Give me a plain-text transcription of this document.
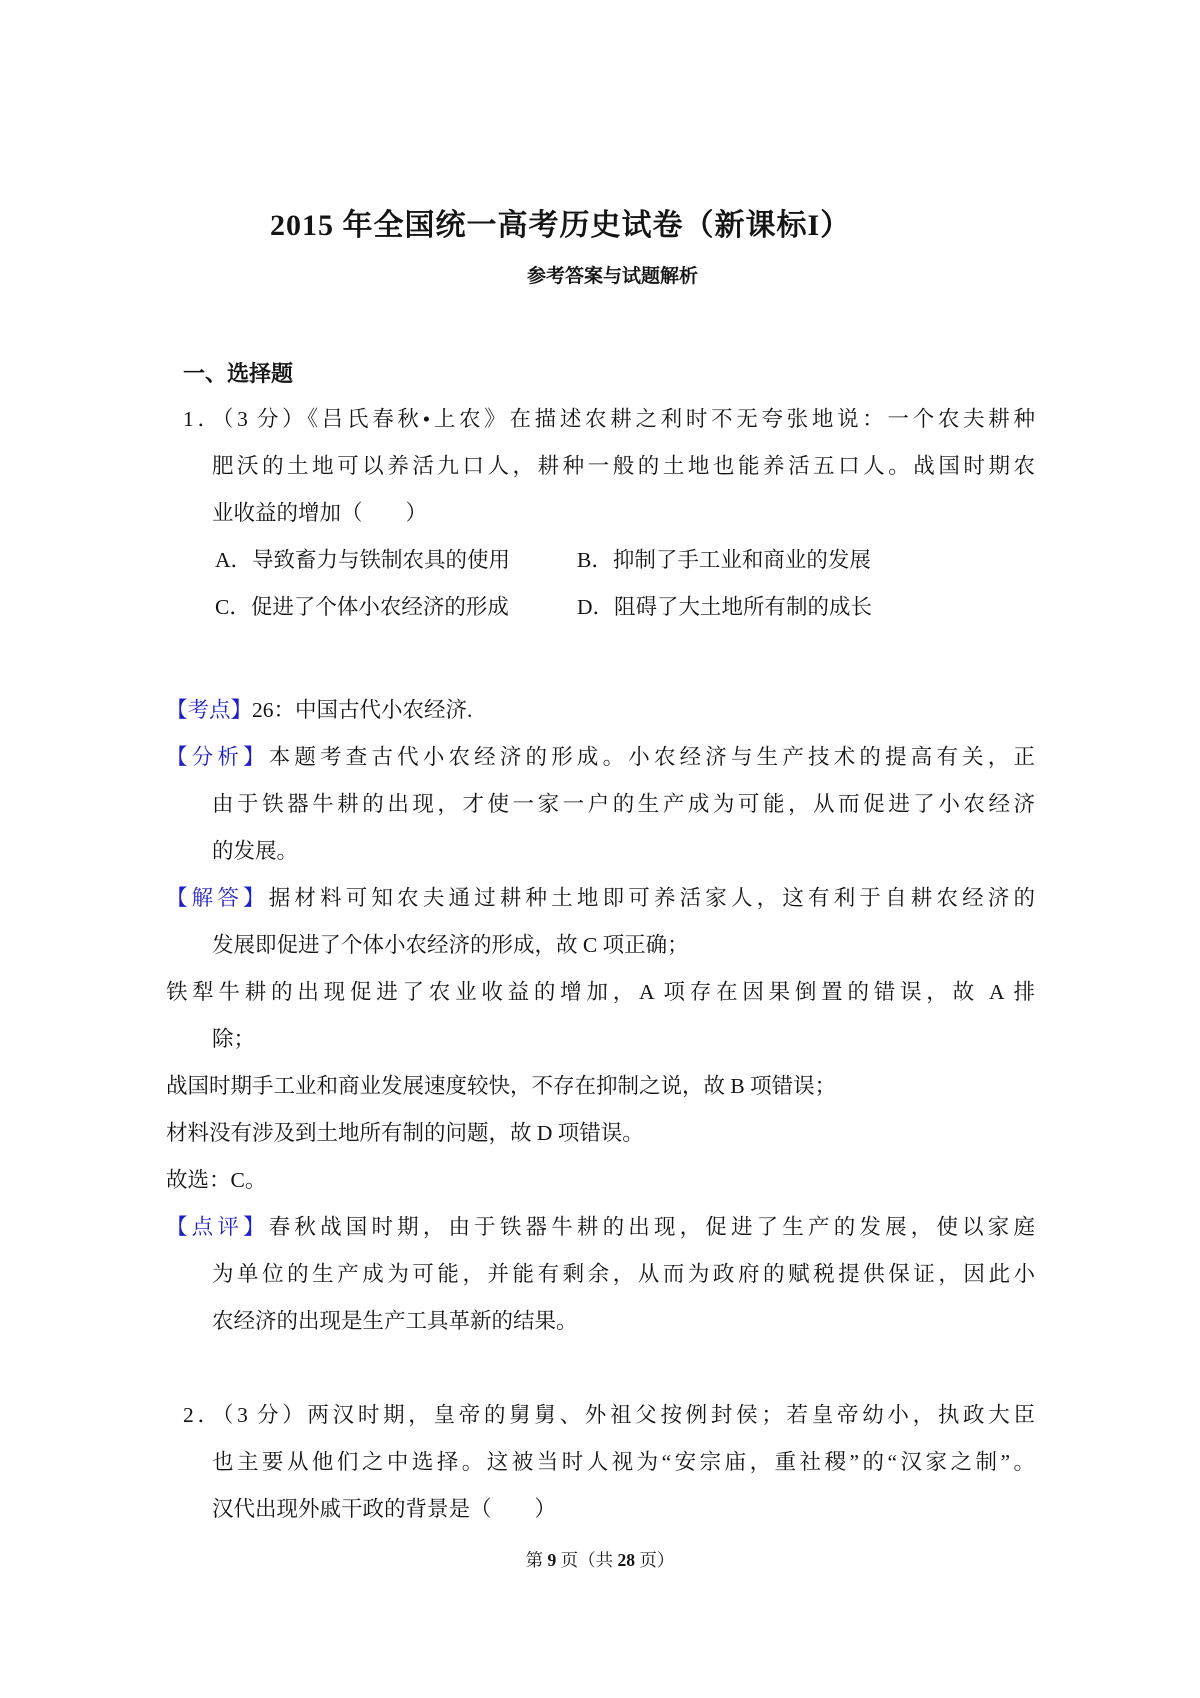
2015 年全国统一高考历史试卷（新课标I）
参考答案与试题解析
一、选择题
1．（3 分）《吕氏春秋•上农》在描述农耕之利时不无夸张地说：一个农夫耕种
肥沃的土地可以养活九口人，耕种一般的土地也能养活五口人。战国时期农
业收益的增加（　　）
A．导致畜力与铁制农具的使用	B．抑制了手工业和商业的发展
C．促进了个体小农经济的形成	D．阻碍了大土地所有制的成长
【考点】26：中国古代小农经济.
【分析】本题考查古代小农经济的形成。小农经济与生产技术的提高有关，正
由于铁器牛耕的出现，才使一家一户的生产成为可能，从而促进了小农经济
的发展。
【解答】据材料可知农夫通过耕种土地即可养活家人，这有利于自耕农经济的
发展即促进了个体小农经济的形成，故 C 项正确；
铁犁牛耕的出现促进了农业收益的增加，A 项存在因果倒置的错误，故 A 排
除；
战国时期手工业和商业发展速度较快，不存在抑制之说，故 B 项错误；
材料没有涉及到土地所有制的问题，故 D 项错误。
故选：C。
【点评】春秋战国时期，由于铁器牛耕的出现，促进了生产的发展，使以家庭
为单位的生产成为可能，并能有剩余，从而为政府的赋税提供保证，因此小
农经济的出现是生产工具革新的结果。
2．（3 分）两汉时期，皇帝的舅舅、外祖父按例封侯；若皇帝幼小，执政大臣
也主要从他们之中选择。这被当时人视为“安宗庙，重社稷”的“汉家之制”。
汉代出现外戚干政的背景是（　　）
第 9 页（共 28 页）
